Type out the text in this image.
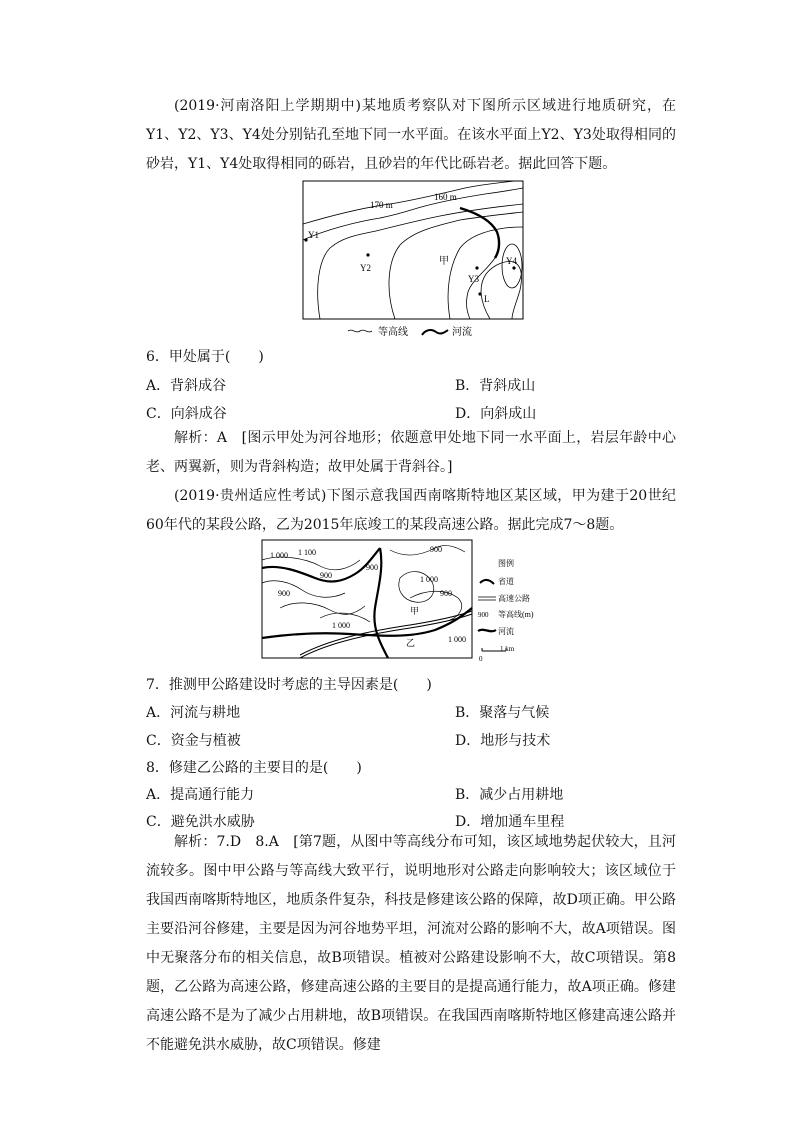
(2019·河南洛阳上学期期中)某地质考察队对下图所示区域进行地质研究，在Y1、Y2、Y3、Y4处分别钻孔至地下同一水平面。在该水平面上Y2、Y3处取得相同的砂岩，Y1、Y4处取得相同的砾岩，且砂岩的年代比砾岩老。据此回答下题。

170 m
160 m
Y1
Y2
甲
Y3
Y4
L
等高线	河流

6．甲处属于(　　)

A．背斜成谷	B．背斜成山

C．向斜成谷	D．向斜成山

解析：A　[图示甲处为河谷地形；依题意甲处地下同一水平面上，岩层年龄中心老、两翼新，则为背斜构造；故甲处属于背斜谷。]

(2019·贵州适应性考试)下图示意我国西南喀斯特地区某区域，甲为建于20世纪60年代的某段公路，乙为2015年底竣工的某段高速公路。据此完成7～8题。

1 000 1 100
900
900
900
900
900
1 000
1 000
1 000
甲
乙
图例
省道
高速公路
900 等高线(m)
河流
0
1 km

7．推测甲公路建设时考虑的主导因素是(　　)

A．河流与耕地	B．聚落与气候

C．资金与植被	D．地形与技术

8．修建乙公路的主要目的是(　　)

A．提高通行能力	B．减少占用耕地

C．避免洪水威胁	D．增加通车里程

解析：7.D　8.A　[第7题，从图中等高线分布可知，该区域地势起伏较大，且河流较多。图中甲公路与等高线大致平行，说明地形对公路走向影响较大；该区域位于我国西南喀斯特地区，地质条件复杂，科技是修建该公路的保障，故D项正确。甲公路主要沿河谷修建，主要是因为河谷地势平坦，河流对公路的影响不大，故A项错误。图中无聚落分布的相关信息，故B项错误。植被对公路建设影响不大，故C项错误。第8题，乙公路为高速公路，修建高速公路的主要目的是提高通行能力，故A项正确。修建高速公路不是为了减少占用耕地，故B项错误。在我国西南喀斯特地区修建高速公路并不能避免洪水威胁，故C项错误。修建
